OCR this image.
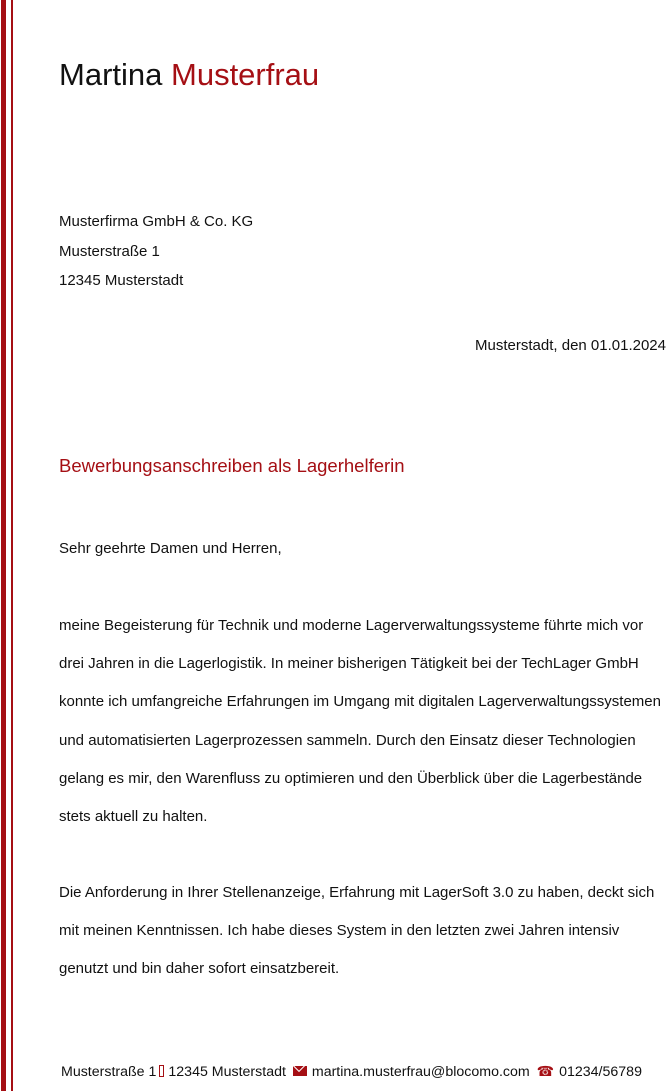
Martina Musterfrau
Musterfirma GmbH & Co. KG
Musterstraße 1
12345 Musterstadt
Musterstadt, den 01.01.2024
Bewerbungsanschreiben als Lagerhelferin
Sehr geehrte Damen und Herren,

meine Begeisterung für Technik und moderne Lagerverwaltungssysteme führte mich vor drei Jahren in die Lagerlogistik. In meiner bisherigen Tätigkeit bei der TechLager GmbH konnte ich umfangreiche Erfahrungen im Umgang mit digitalen Lagerverwaltungssystemen und automatisierten Lagerprozessen sammeln. Durch den Einsatz dieser Technologien gelang es mir, den Warenfluss zu optimieren und den Überblick über die Lagerbestände stets aktuell zu halten.

Die Anforderung in Ihrer Stellenanzeige, Erfahrung mit LagerSoft 3.0 zu haben, deckt sich mit meinen Kenntnissen. Ich habe dieses System in den letzten zwei Jahren intensiv genutzt und bin daher sofort einsatzbereit.

Musterstraße 1 12345 Musterstadt martina.musterfrau@blocomo.com ☎ 01234/56789
